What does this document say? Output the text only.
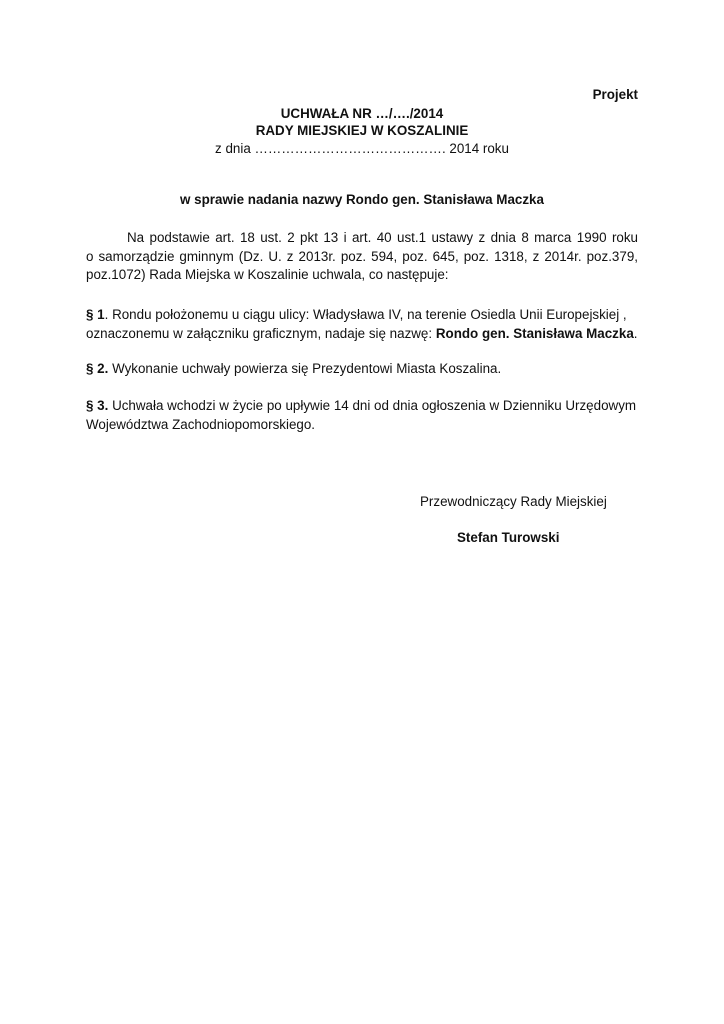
Projekt
UCHWAŁA NR …/…./2014
RADY MIEJSKIEJ W KOSZALINIE
z dnia ……………………………………. 2014 roku
w sprawie nadania nazwy Rondo gen. Stanisława Maczka
Na podstawie art. 18 ust. 2 pkt 13 i art. 40 ust.1 ustawy z dnia 8 marca 1990 roku
o samorządzie gminnym (Dz. U. z 2013r. poz. 594, poz. 645, poz. 1318, z 2014r. poz.379,
poz.1072) Rada Miejska w Koszalinie uchwala, co następuje:
§ 1. Rondu położonemu u ciągu ulicy: Władysława IV, na terenie Osiedla Unii Europejskiej ,
oznaczonemu w załączniku graficznym, nadaje się nazwę: Rondo gen. Stanisława Maczka.
§ 2. Wykonanie uchwały powierza się Prezydentowi Miasta Koszalina.
§ 3. Uchwała wchodzi w życie po upływie 14 dni od dnia ogłoszenia w Dzienniku Urzędowym
Województwa Zachodniopomorskiego.
Przewodniczący Rady Miejskiej
Stefan Turowski
